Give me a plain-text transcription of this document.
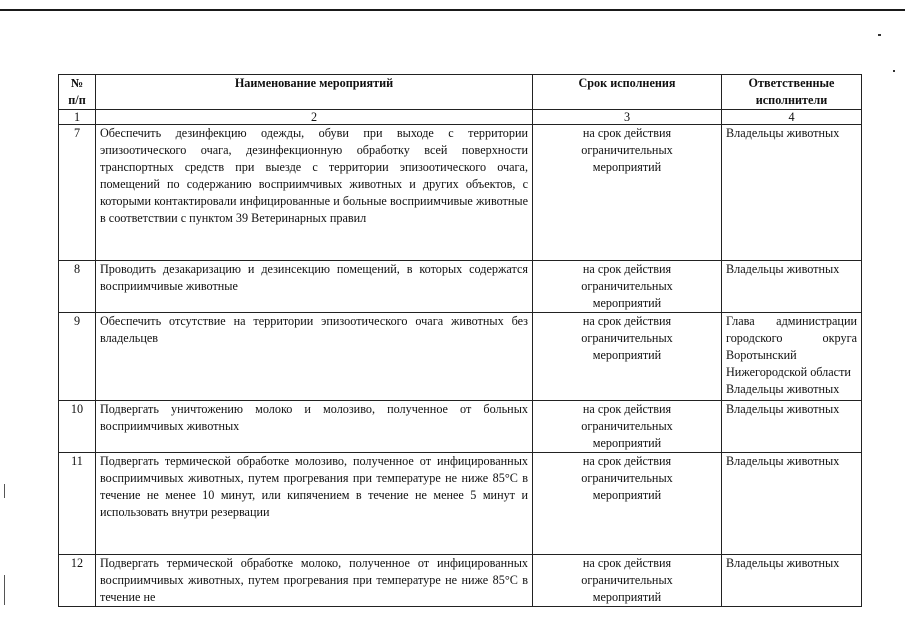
№ п/п	Наименование мероприятий	Срок исполнения	Ответственные исполнители
1	2	3	4
7	Обеспечить дезинфекцию одежды, обуви при выходе с территории эпизоотического очага, дезинфекционную обработку всей поверхности транспортных средств при выезде с территории эпизоотического очага, помещений по содержанию восприимчивых животных и других объектов, с которыми контактировали инфицированные и больные восприимчивые животные в соответствии с пунктом 39 Ветеринарных правил	на срок действия ограничительных мероприятий	Владельцы животных

8	Проводить дезакаризацию и дезинсекцию помещений, в которых содержатся восприимчивые животные	на срок действия ограничительных мероприятий	Владельцы животных

9	Обеспечить отсутствие на территории эпизоотического очага животных без владельцев	на срок действия ограничительных мероприятий	Глава администрации
городского округа
Воротынский
Нижегородской области
Владельцы животных

10	Подвергать уничтожению молоко и молозиво, полученное от больных восприимчивых животных	на срок действия ограничительных мероприятий	Владельцы животных

11	Подвергать термической обработке молозиво, полученное от инфицированных восприимчивых животных, путем прогревания при температуре не ниже 85°С в течение не менее 10 минут, или кипячением в течение не менее 5 минут и использовать внутри резервации	на срок действия ограничительных мероприятий	Владельцы животных

12	Подвергать термической обработке молоко, полученное от инфицированных восприимчивых животных, путем прогревания при температуре не ниже 85°С в течение не	на срок действия ограничительных мероприятий	Владельцы животных
